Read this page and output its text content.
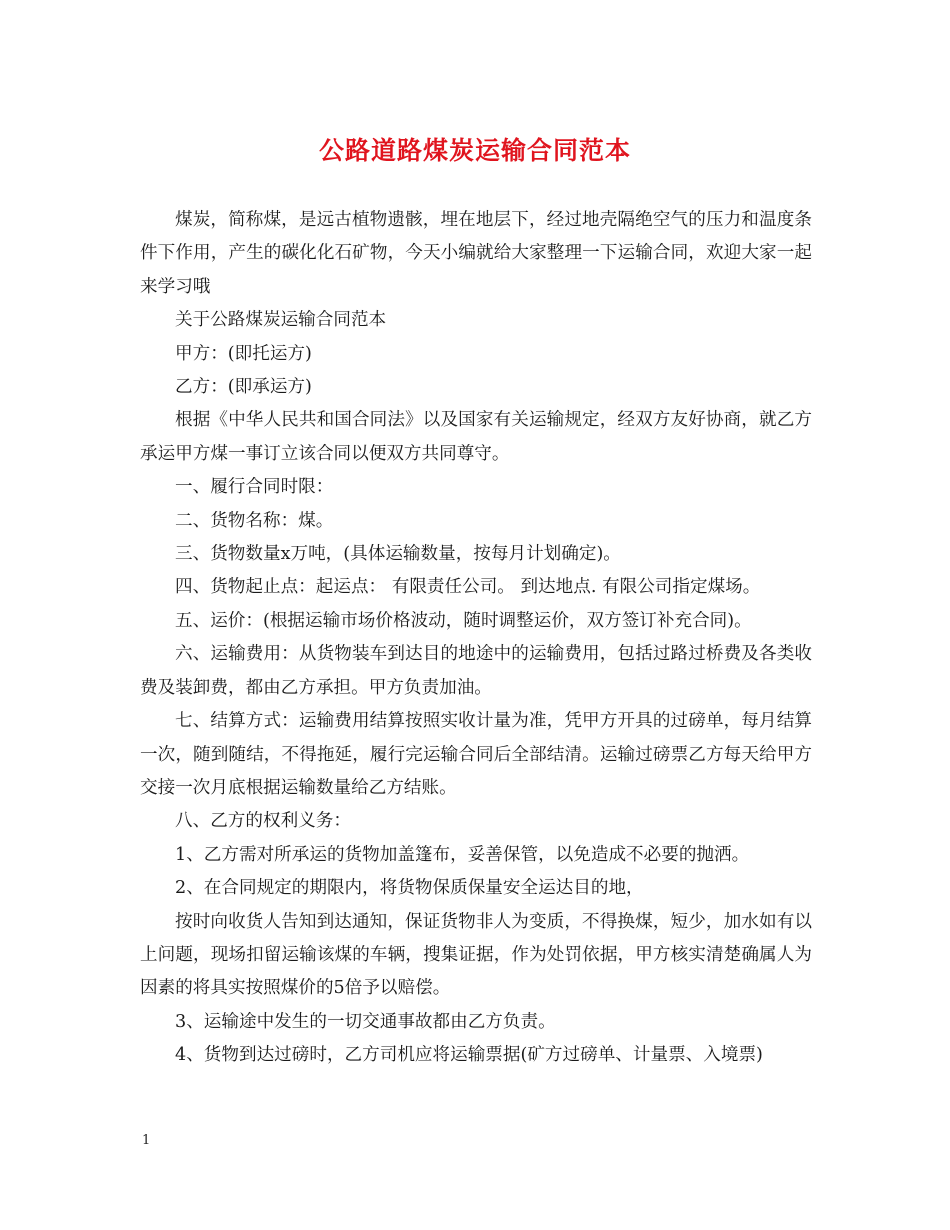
公路道路煤炭运输合同范本

煤炭，简称煤，是远古植物遗骸，埋在地层下，经过地壳隔绝空气的压力和温度条件下作用，产生的碳化化石矿物，今天小编就给大家整理一下运输合同，欢迎大家一起来学习哦

关于公路煤炭运输合同范本

甲方：(即托运方)

乙方：(即承运方)

根据《中华人民共和国合同法》以及国家有关运输规定，经双方友好协商，就乙方承运甲方煤一事订立该合同以便双方共同尊守。

一、履行合同时限：

二、货物名称：煤。

三、货物数量x万吨，(具体运输数量，按每月计划确定)。

四、货物起止点：起运点： 有限责任公司。 到达地点. 有限公司指定煤场。

五、运价：(根据运输市场价格波动，随时调整运价，双方签订补充合同)。

六、运输费用：从货物装车到达目的地途中的运输费用，包括过路过桥费及各类收费及装卸费，都由乙方承担。甲方负责加油。

七、结算方式：运输费用结算按照实收计量为准，凭甲方开具的过磅单，每月结算一次，随到随结，不得拖延，履行完运输合同后全部结清。运输过磅票乙方每天给甲方交接一次月底根据运输数量给乙方结账。

八、乙方的权利义务：

1、乙方需对所承运的货物加盖篷布，妥善保管，以免造成不必要的抛洒。

2、在合同规定的期限内，将货物保质保量安全运达目的地，

按时向收货人告知到达通知，保证货物非人为变质，不得换煤，短少，加水如有以上问题，现场扣留运输该煤的车辆，搜集证据，作为处罚依据，甲方核实清楚确属人为因素的将具实按照煤价的5倍予以赔偿。

3、运输途中发生的一切交通事故都由乙方负责。

4、货物到达过磅时，乙方司机应将运输票据(矿方过磅单、计量票、入境票)

1
